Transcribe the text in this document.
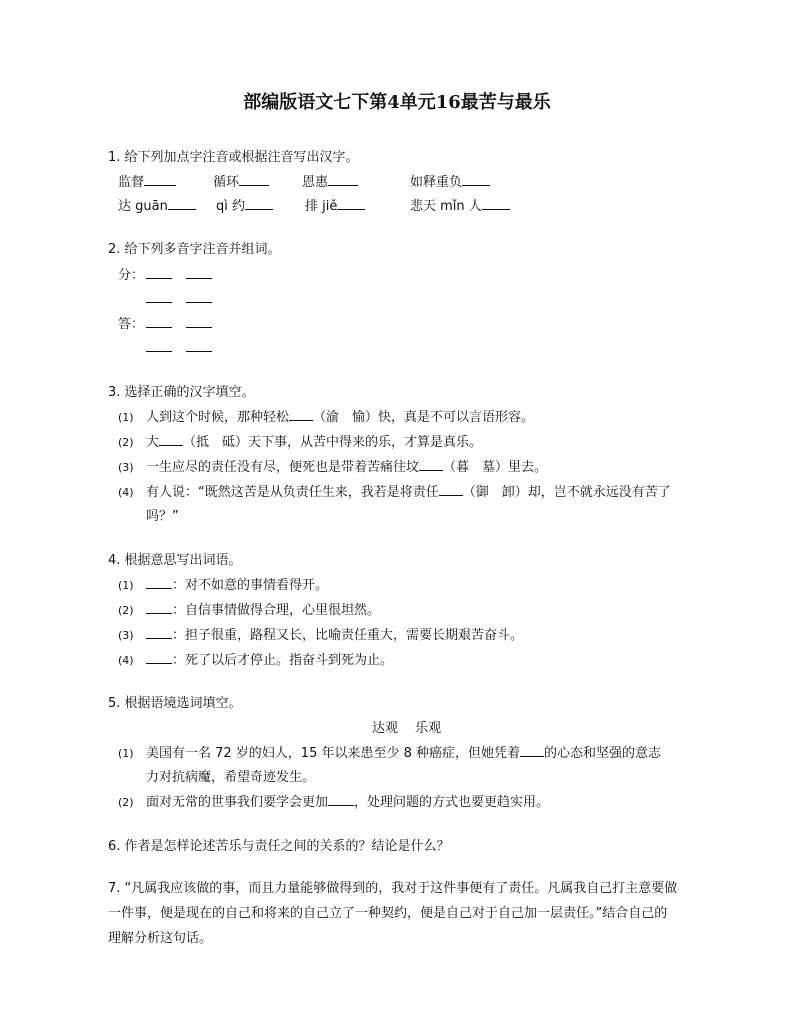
部编版语文七下第4单元16最苦与最乐
1. 给下列加点字注音或根据注音写出汉字。
监督	循环	恩惠	如释重负
达 guān	qì 约	排 jiě	悲天 mǐn 人
2. 给下列多音字注音并组词。
分：
答：
3. 选择正确的汉字填空。
(1) 人到这个时候，那种轻松 （渝　愉）快，真是不可以言语形容。
(2) 大 （抵　砥）天下事，从苦中得来的乐，才算是真乐。
(3) 一生应尽的责任没有尽，便死也是带着苦痛往坟 （暮　墓）里去。
(4) 有人说：“既然这苦是从负责任生来，我若是将责任 （御　卸）却，岂不就永远没有苦了
吗？”
4. 根据意思写出词语。
(1)	：对不如意的事情看得开。
(2)	：自信事情做得合理，心里很坦然。
(3)	：担子很重，路程又长，比喻责任重大，需要长期艰苦奋斗。
(4)	：死了以后才停止。指奋斗到死为止。
5. 根据语境选词填空。
达观　 乐观
(1) 美国有一名 72 岁的妇人，15 年以来患至少 8 种癌症，但她凭着 的心态和坚强的意志
力对抗病魔，希望奇迹发生。
(2) 面对无常的世事我们要学会更加 ，处理问题的方式也要更趋实用。
6. 作者是怎样论述苦乐与责任之间的关系的？结论是什么？
7. “凡属我应该做的事，而且力量能够做得到的，我对于这件事便有了责任。凡属我自己打主意要做一件事，便是现在的自己和将来的自己立了一种契约，便是自己对于自己加一层责任。”结合自己的理解分析这句话。
